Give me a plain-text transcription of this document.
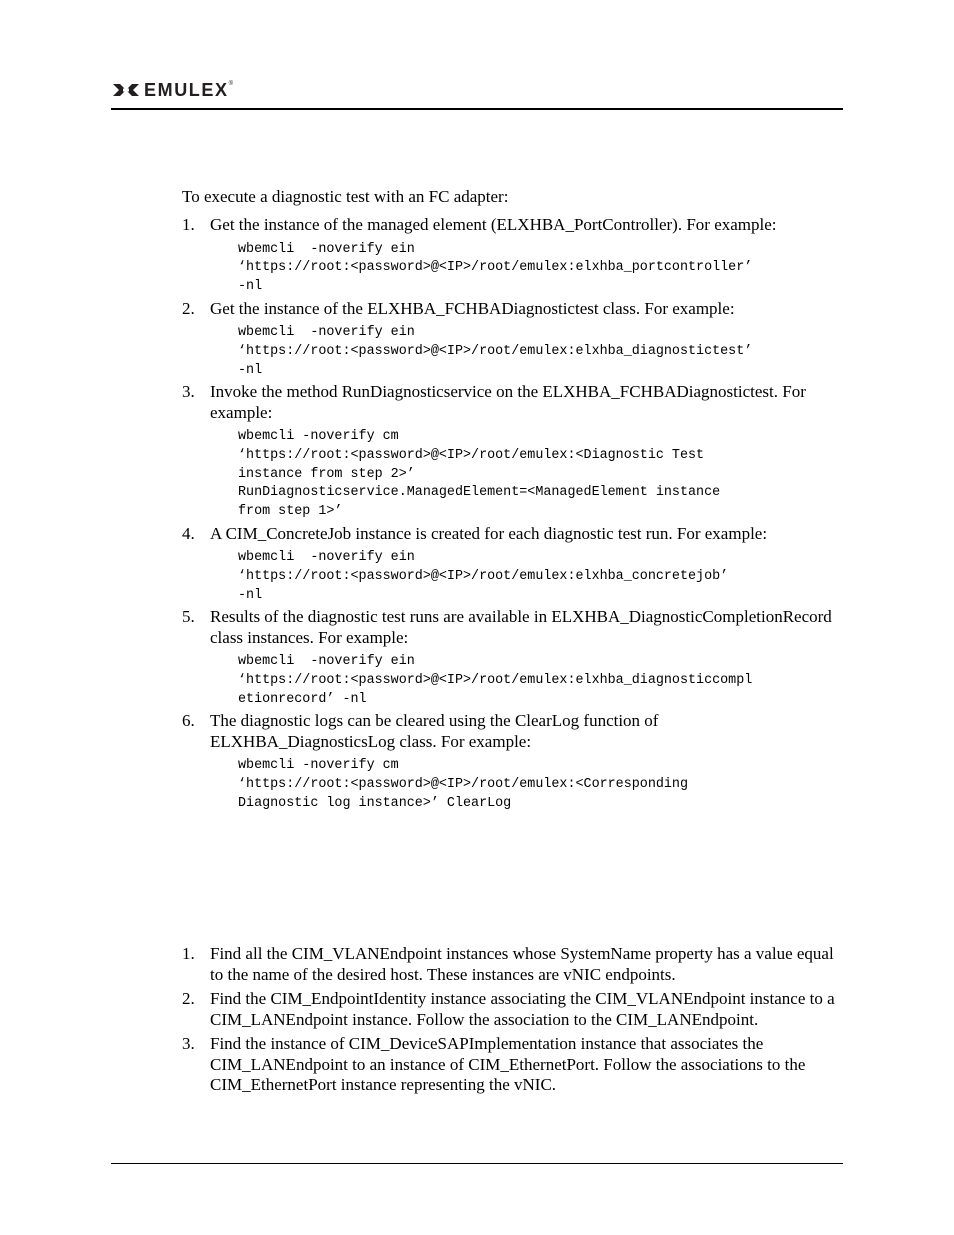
EMULEX ®

To execute a diagnostic test with an FC adapter:

1. Get the instance of the managed element (ELXHBA_PortController). For example:
wbemcli  -noverify ein
‘https://root:<password>@<IP>/root/emulex:elxhba_portcontroller’
-nl
2. Get the instance of the ELXHBA_FCHBADiagnostictest class. For example:
wbemcli  -noverify ein
‘https://root:<password>@<IP>/root/emulex:elxhba_diagnostictest’
-nl
3. Invoke the method RunDiagnosticservice on the ELXHBA_FCHBADiagnostictest. For example:
wbemcli -noverify cm
‘https://root:<password>@<IP>/root/emulex:<Diagnostic Test
instance from step 2>’
RunDiagnosticservice.ManagedElement=<ManagedElement instance
from step 1>’
4. A CIM_ConcreteJob instance is created for each diagnostic test run. For example:
wbemcli  -noverify ein
‘https://root:<password>@<IP>/root/emulex:elxhba_concretejob’
-nl
5. Results of the diagnostic test runs are available in ELXHBA_DiagnosticCompletionRecord class instances. For example:
wbemcli  -noverify ein
‘https://root:<password>@<IP>/root/emulex:elxhba_diagnosticcompl
etionrecord’ -nl
6. The diagnostic logs can be cleared using the ClearLog function of ELXHBA_DiagnosticsLog class. For example:
wbemcli -noverify cm
‘https://root:<password>@<IP>/root/emulex:<Corresponding
Diagnostic log instance>’ ClearLog
1. Find all the CIM_VLANEndpoint instances whose SystemName property has a value equal to the name of the desired host. These instances are vNIC endpoints.
2. Find the CIM_EndpointIdentity instance associating the CIM_VLANEndpoint instance to a CIM_LANEndpoint instance. Follow the association to the CIM_LANEndpoint.
3. Find the instance of CIM_DeviceSAPImplementation instance that associates the CIM_LANEndpoint to an instance of CIM_EthernetPort. Follow the associations to the CIM_EthernetPort instance representing the vNIC.
